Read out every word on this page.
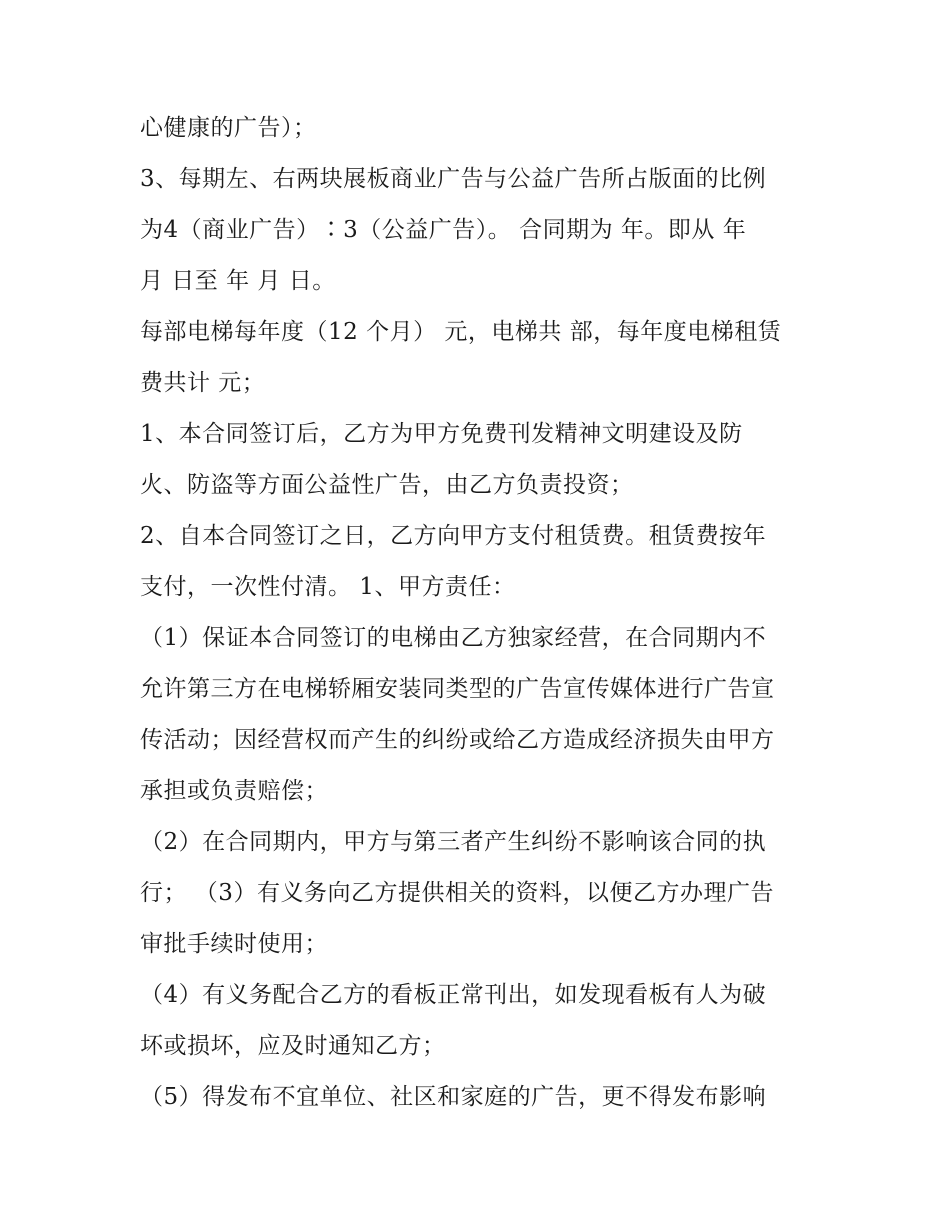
心健康的广告）；
3、每期左、右两块展板商业广告与公益广告所占版面的比例
为4（商业广告）∶3（公益广告）。 合同期为 年。即从 年
月 日至 年 月 日。
每部电梯每年度（12 个月） 元，电梯共 部，每年度电梯租赁
费共计 元；
1、本合同签订后，乙方为甲方免费刊发精神文明建设及防
火、防盗等方面公益性广告，由乙方负责投资；
2、自本合同签订之日，乙方向甲方支付租赁费。租赁费按年
支付，一次性付清。 1、甲方责任：
（1）保证本合同签订的电梯由乙方独家经营，在合同期内不
允许第三方在电梯轿厢安装同类型的广告宣传媒体进行广告宣
传活动；因经营权而产生的纠纷或给乙方造成经济损失由甲方
承担或负责赔偿；
（2）在合同期内，甲方与第三者产生纠纷不影响该合同的执
行； （3）有义务向乙方提供相关的资料，以便乙方办理广告
审批手续时使用；
（4）有义务配合乙方的看板正常刊出，如发现看板有人为破
坏或损坏，应及时通知乙方；
（5）得发布不宜单位、社区和家庭的广告，更不得发布影响
